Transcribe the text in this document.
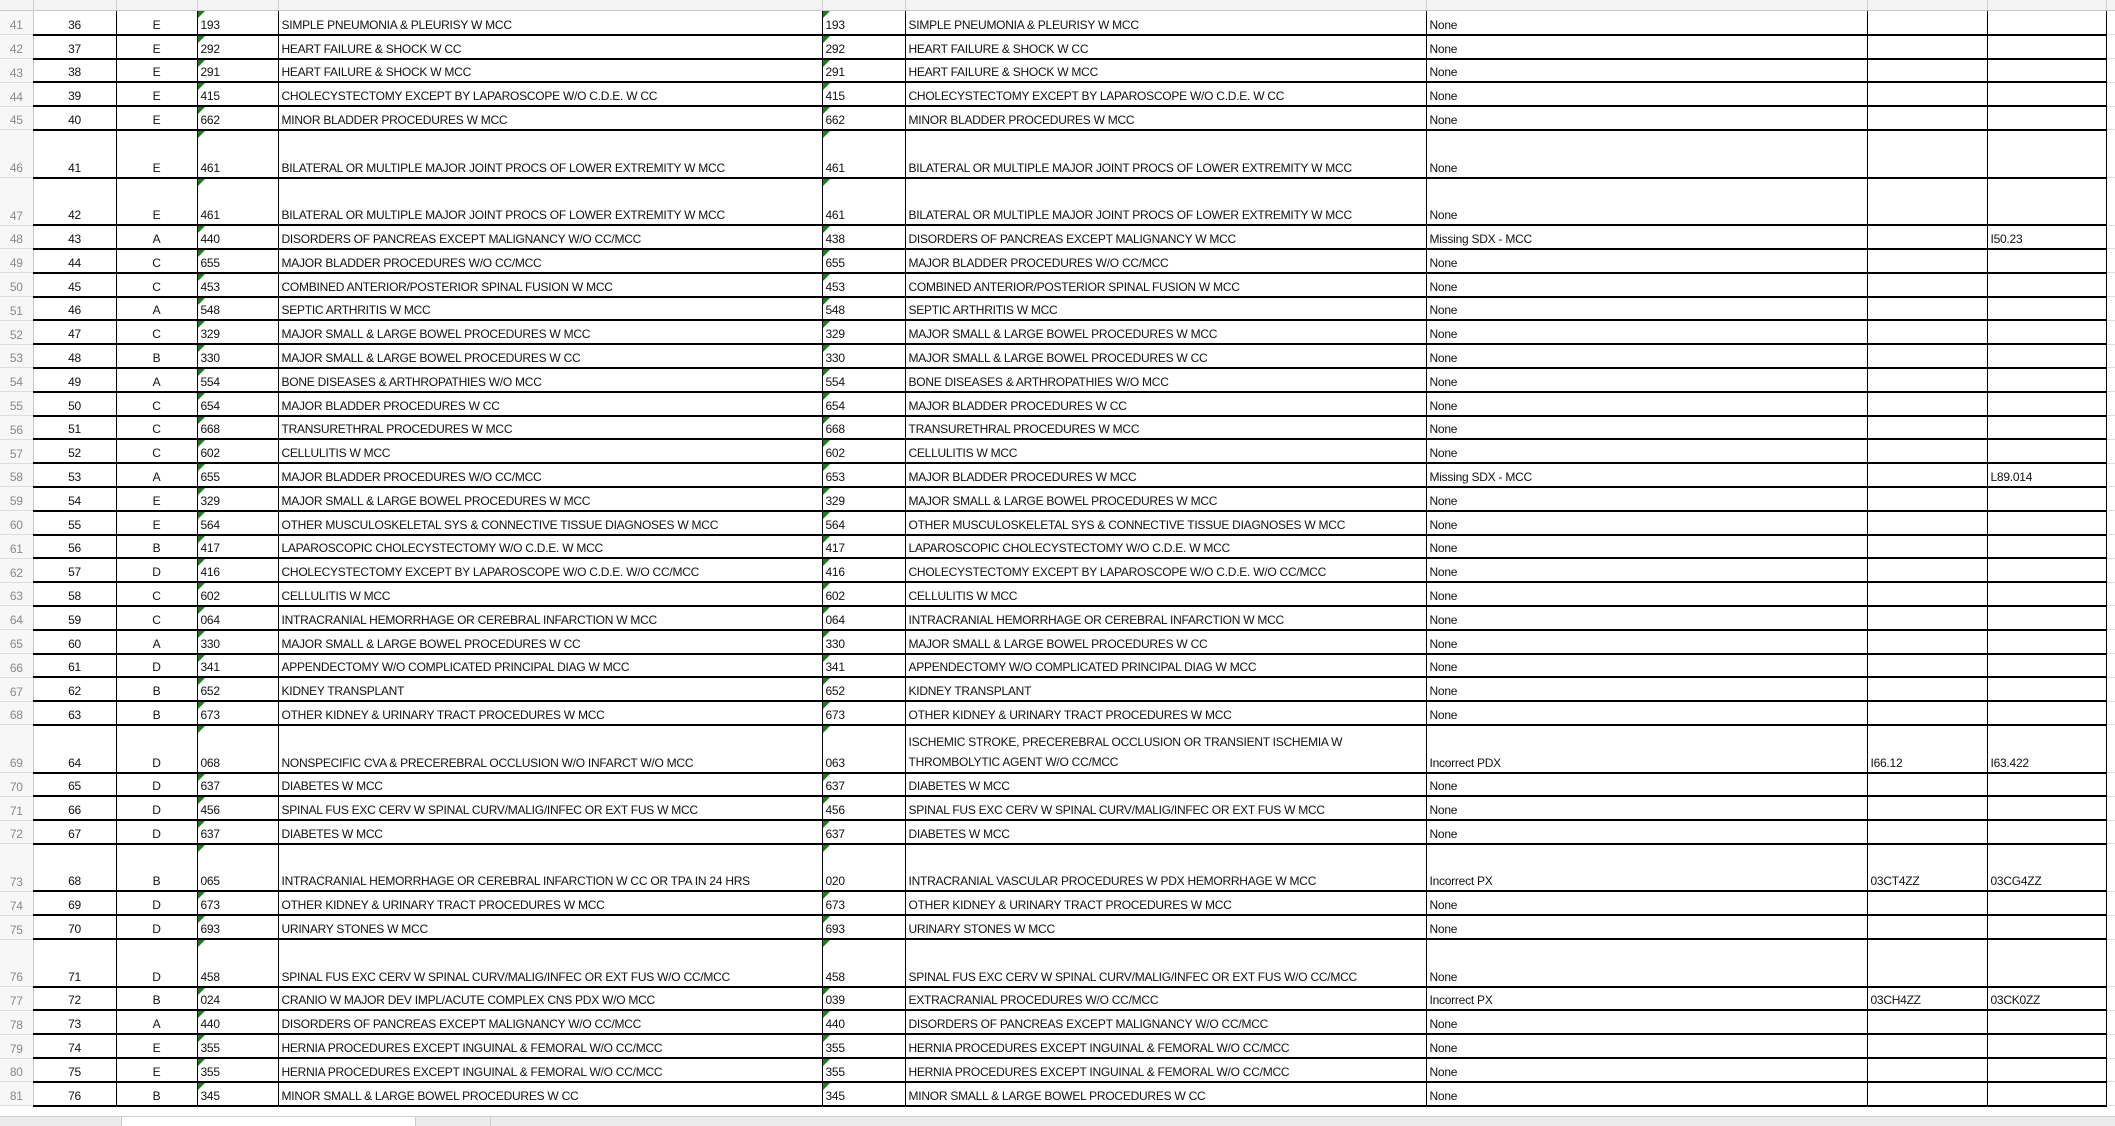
41	36	E	193	SIMPLE PNEUMONIA & PLEURISY W MCC	193	SIMPLE PNEUMONIA & PLEURISY W MCC	None			
42	37	E	292	HEART FAILURE & SHOCK W CC	292	HEART FAILURE & SHOCK W CC	None			
43	38	E	291	HEART FAILURE & SHOCK W MCC	291	HEART FAILURE & SHOCK W MCC	None			
44	39	E	415	CHOLECYSTECTOMY EXCEPT BY LAPAROSCOPE W/O C.D.E. W CC	415	CHOLECYSTECTOMY EXCEPT BY LAPAROSCOPE W/O C.D.E. W CC	None			
45	40	E	662	MINOR BLADDER PROCEDURES W MCC	662	MINOR BLADDER PROCEDURES W MCC	None			
46	41	E	461	BILATERAL OR MULTIPLE MAJOR JOINT PROCS OF LOWER EXTREMITY W MCC	461	BILATERAL OR MULTIPLE MAJOR JOINT PROCS OF LOWER EXTREMITY W MCC	None			
47	42	E	461	BILATERAL OR MULTIPLE MAJOR JOINT PROCS OF LOWER EXTREMITY W MCC	461	BILATERAL OR MULTIPLE MAJOR JOINT PROCS OF LOWER EXTREMITY W MCC	None			
48	43	A	440	DISORDERS OF PANCREAS EXCEPT MALIGNANCY W/O CC/MCC	438	DISORDERS OF PANCREAS EXCEPT MALIGNANCY W MCC	Missing SDX - MCC		I50.23	
49	44	C	655	MAJOR BLADDER PROCEDURES W/O CC/MCC	655	MAJOR BLADDER PROCEDURES W/O CC/MCC	None			
50	45	C	453	COMBINED ANTERIOR/POSTERIOR SPINAL FUSION W MCC	453	COMBINED ANTERIOR/POSTERIOR SPINAL FUSION W MCC	None			
51	46	A	548	SEPTIC ARTHRITIS W MCC	548	SEPTIC ARTHRITIS W MCC	None			
52	47	C	329	MAJOR SMALL & LARGE BOWEL PROCEDURES W MCC	329	MAJOR SMALL & LARGE BOWEL PROCEDURES W MCC	None			
53	48	B	330	MAJOR SMALL & LARGE BOWEL PROCEDURES W CC	330	MAJOR SMALL & LARGE BOWEL PROCEDURES W CC	None			
54	49	A	554	BONE DISEASES & ARTHROPATHIES W/O MCC	554	BONE DISEASES & ARTHROPATHIES W/O MCC	None			
55	50	C	654	MAJOR BLADDER PROCEDURES W CC	654	MAJOR BLADDER PROCEDURES W CC	None			
56	51	C	668	TRANSURETHRAL PROCEDURES W MCC	668	TRANSURETHRAL PROCEDURES W MCC	None			
57	52	C	602	CELLULITIS W MCC	602	CELLULITIS W MCC	None			
58	53	A	655	MAJOR BLADDER PROCEDURES W/O CC/MCC	653	MAJOR BLADDER PROCEDURES W MCC	Missing SDX - MCC		L89.014	
59	54	E	329	MAJOR SMALL & LARGE BOWEL PROCEDURES W MCC	329	MAJOR SMALL & LARGE BOWEL PROCEDURES W MCC	None			
60	55	E	564	OTHER MUSCULOSKELETAL SYS & CONNECTIVE TISSUE DIAGNOSES W MCC	564	OTHER MUSCULOSKELETAL SYS & CONNECTIVE TISSUE DIAGNOSES W MCC	None			
61	56	B	417	LAPAROSCOPIC CHOLECYSTECTOMY W/O C.D.E. W MCC	417	LAPAROSCOPIC CHOLECYSTECTOMY W/O C.D.E. W MCC	None			
62	57	D	416	CHOLECYSTECTOMY EXCEPT BY LAPAROSCOPE W/O C.D.E. W/O CC/MCC	416	CHOLECYSTECTOMY EXCEPT BY LAPAROSCOPE W/O C.D.E. W/O CC/MCC	None			
63	58	C	602	CELLULITIS W MCC	602	CELLULITIS W MCC	None			
64	59	C	064	INTRACRANIAL HEMORRHAGE OR CEREBRAL INFARCTION W MCC	064	INTRACRANIAL HEMORRHAGE OR CEREBRAL INFARCTION W MCC	None			
65	60	A	330	MAJOR SMALL & LARGE BOWEL PROCEDURES W CC	330	MAJOR SMALL & LARGE BOWEL PROCEDURES W CC	None			
66	61	D	341	APPENDECTOMY W/O COMPLICATED PRINCIPAL DIAG W MCC	341	APPENDECTOMY W/O COMPLICATED PRINCIPAL DIAG W MCC	None			
67	62	B	652	KIDNEY TRANSPLANT	652	KIDNEY TRANSPLANT	None			
68	63	B	673	OTHER KIDNEY & URINARY TRACT PROCEDURES W MCC	673	OTHER KIDNEY & URINARY TRACT PROCEDURES W MCC	None			
69	64	D	068	NONSPECIFIC CVA & PRECEREBRAL OCCLUSION W/O INFARCT W/O MCC	063	ISCHEMIC STROKE, PRECEREBRAL OCCLUSION OR TRANSIENT ISCHEMIA W THROMBOLYTIC AGENT W/O CC/MCC	Incorrect PDX	I66.12	I63.422	
70	65	D	637	DIABETES W MCC	637	DIABETES W MCC	None			
71	66	D	456	SPINAL FUS EXC CERV W SPINAL CURV/MALIG/INFEC OR EXT FUS W MCC	456	SPINAL FUS EXC CERV W SPINAL CURV/MALIG/INFEC OR EXT FUS W MCC	None			
72	67	D	637	DIABETES W MCC	637	DIABETES W MCC	None			
73	68	B	065	INTRACRANIAL HEMORRHAGE OR CEREBRAL INFARCTION W CC OR TPA IN 24 HRS	020	INTRACRANIAL VASCULAR PROCEDURES W PDX HEMORRHAGE W MCC	Incorrect PX	03CT4ZZ	03CG4ZZ	
74	69	D	673	OTHER KIDNEY & URINARY TRACT PROCEDURES W MCC	673	OTHER KIDNEY & URINARY TRACT PROCEDURES W MCC	None			
75	70	D	693	URINARY STONES W MCC	693	URINARY STONES W MCC	None			
76	71	D	458	SPINAL FUS EXC CERV W SPINAL CURV/MALIG/INFEC OR EXT FUS W/O CC/MCC	458	SPINAL FUS EXC CERV W SPINAL CURV/MALIG/INFEC OR EXT FUS W/O CC/MCC	None			
77	72	B	024	CRANIO W MAJOR DEV IMPL/ACUTE COMPLEX CNS PDX W/O MCC	039	EXTRACRANIAL PROCEDURES W/O CC/MCC	Incorrect PX	03CH4ZZ	03CK0ZZ	
78	73	A	440	DISORDERS OF PANCREAS EXCEPT MALIGNANCY W/O CC/MCC	440	DISORDERS OF PANCREAS EXCEPT MALIGNANCY W/O CC/MCC	None			
79	74	E	355	HERNIA PROCEDURES EXCEPT INGUINAL & FEMORAL W/O CC/MCC	355	HERNIA PROCEDURES EXCEPT INGUINAL & FEMORAL W/O CC/MCC	None			
80	75	E	355	HERNIA PROCEDURES EXCEPT INGUINAL & FEMORAL W/O CC/MCC	355	HERNIA PROCEDURES EXCEPT INGUINAL & FEMORAL W/O CC/MCC	None			
81	76	B	345	MINOR SMALL & LARGE BOWEL PROCEDURES W CC	345	MINOR SMALL & LARGE BOWEL PROCEDURES W CC	None			
